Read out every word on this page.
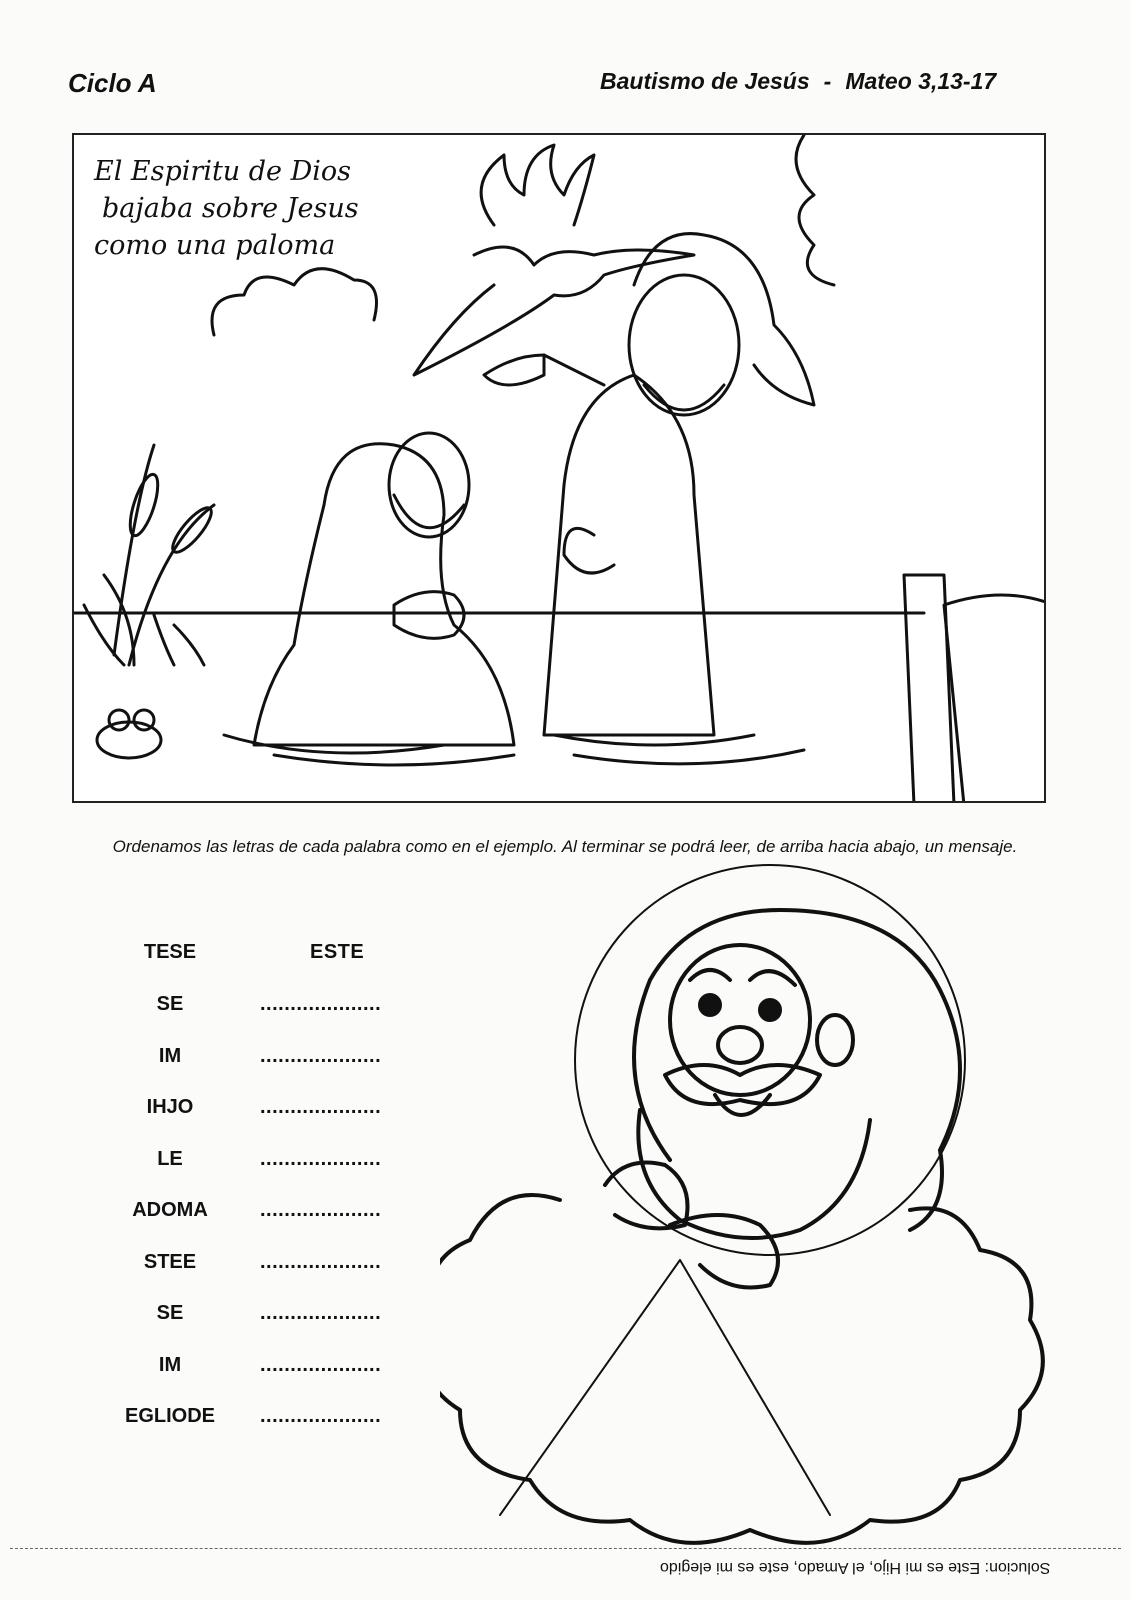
Ciclo A	Bautismo de Jesús - Mateo 3,13-17
El Espiritu de Dios
bajaba sobre Jesus
como una paloma
Ordenamos las letras de cada palabra como en el ejemplo. Al terminar se podrá leer, de arriba hacia abajo, un mensaje.
TESE	ESTE
SE	....................
IM	....................
IHJO	....................
LE	....................
ADOMA	....................
STEE	....................
SE	....................
IM	....................
EGLIODE	....................
Solucion: Este es mi Hijo, el Amado, este es mi elegido
